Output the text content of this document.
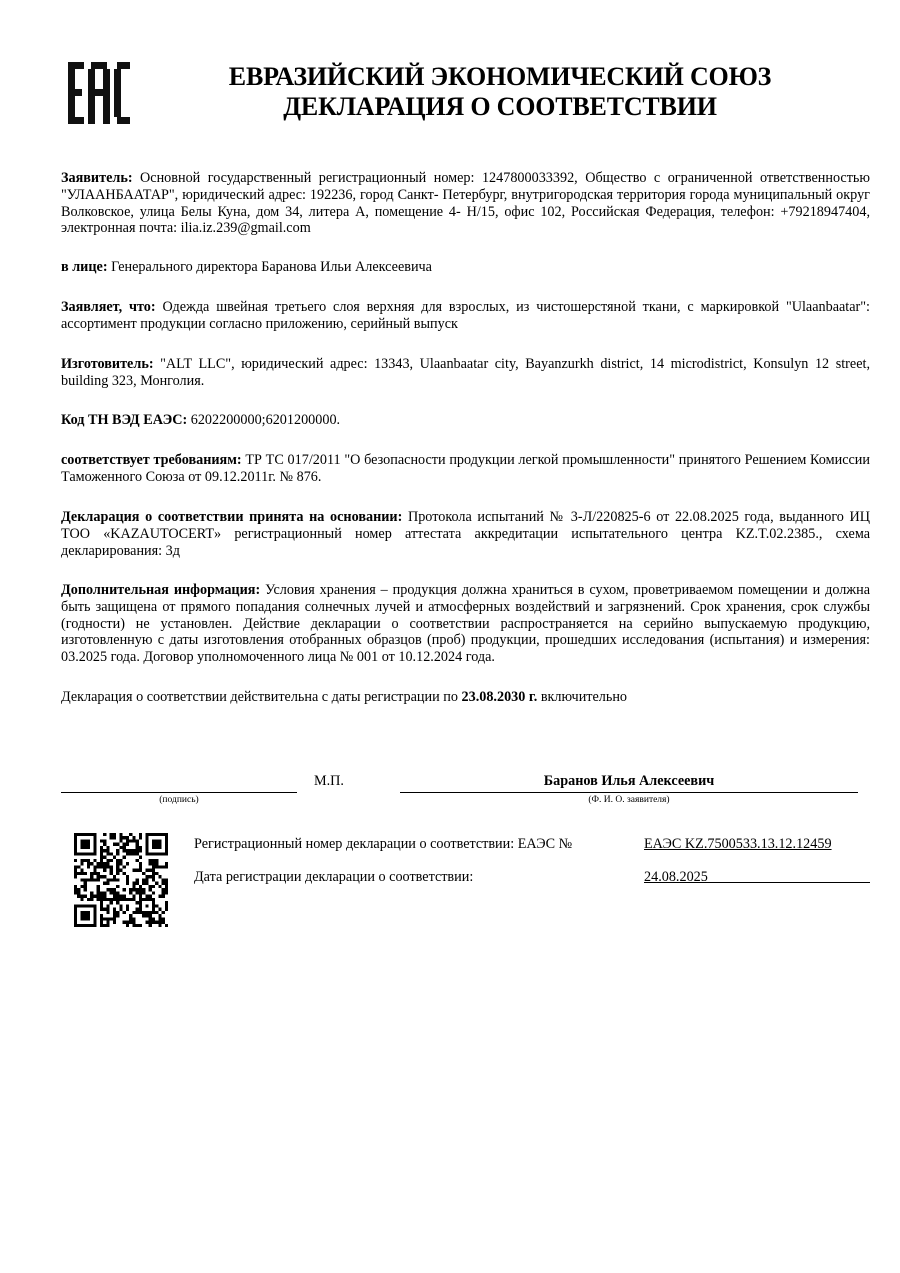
ЕВРАЗИЙСКИЙ ЭКОНОМИЧЕСКИЙ СОЮЗ
ДЕКЛАРАЦИЯ О СООТВЕТСТВИИ
Заявитель: Основной государственный регистрационный номер: 1247800033392, Общество с ограниченной ответственностью "УЛААНБААТАР", юридический адрес: 192236, город Санкт- Петербург, внутригородская территория города муниципальный округ Волковское, улица Белы Куна, дом 34, литера А, помещение 4- Н/15, офис 102, Российская Федерация, телефон: +79218947404, электронная почта: ilia.iz.239@gmail.com
в лице: Генерального директора Баранова Ильи Алексеевича
Заявляет, что: Одежда швейная третьего слоя верхняя для взрослых, из чистошерстяной ткани, с маркировкой "Ulaanbaatar": ассортимент продукции согласно приложению, серийный выпуск
Изготовитель: "ALT LLC", юридический адрес: 13343, Ulaanbaatar city, Bayanzurkh district, 14 microdistrict, Konsulyn 12 street, building 323, Монголия.
Код ТН ВЭД ЕАЭС: 6202200000;6201200000.
соответствует требованиям: ТР ТС 017/2011 "О безопасности продукции легкой промышленности" принятого Решением Комиссии Таможенного Союза от 09.12.2011г. № 876.
Декларация о соответствии принята на основании: Протокола испытаний № 3-Л/220825-6 от 22.08.2025 года, выданного ИЦ ТОО «KAZAUTOCERT» регистрационный номер аттестата аккредитации испытательного центра KZ.T.02.2385., схема декларирования: 3д
Дополнительная информация: Условия хранения – продукция должна храниться в сухом, проветриваемом помещении и должна быть защищена от прямого попадания солнечных лучей и атмосферных воздействий и загрязнений. Срок хранения, срок службы (годности) не установлен. Действие декларации о соответствии распространяется на серийно выпускаемую продукцию, изготовленную с даты изготовления отобранных образцов (проб) продукции, прошедших исследования (испытания) и измерения: 03.2025 года. Договор уполномоченного лица № 001 от 10.12.2024 года.
Декларация о соответствии действительна с даты регистрации по 23.08.2030 г. включительно
М.П.	Баранов Илья Алексеевич
(подпись)	(Ф. И. О. заявителя)
Регистрационный номер декларации о соответствии: ЕАЭС №	ЕАЭС KZ.7500533.13.12.12459
Дата регистрации декларации о соответствии:	24.08.2025
